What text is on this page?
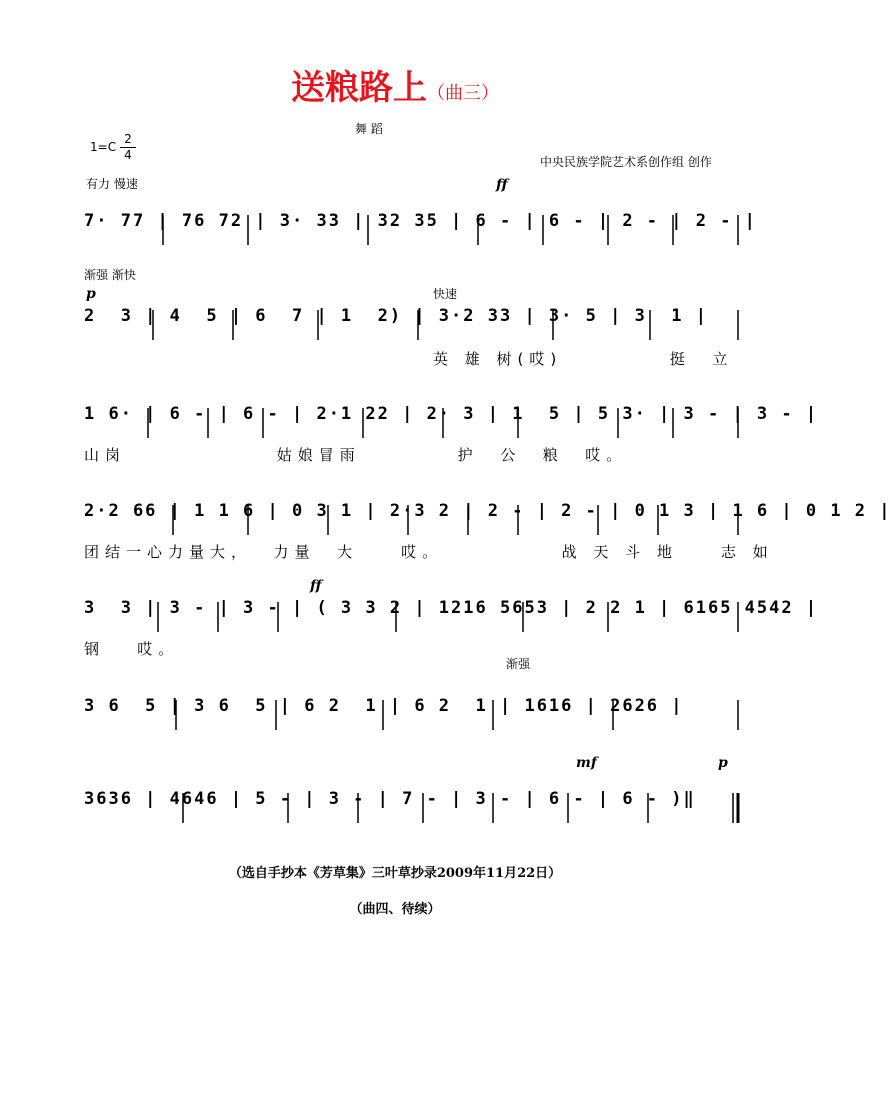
送粮路上（曲三）
舞 蹈
1=C
2
4	中央民族学院艺术系创作组 创作
有力 慢速
7· 77 | 76 72 | 3· 33 | 32 35 | 6 - | 6 - | 2 - | 2 - |
ff
渐强 渐快
p	快速
2  3 | 4  5 | 6  7 | 1  2) | 3·2 33 | 3· 5 | 3  1 |
英 雄 树(哎)          挺  立
1 6· | 6 - | 6 - | 2·1 22 | 2· 3 | 1  5 | 5 3· | 3 - | 3 - |
山岗              姑娘冒雨         护  公  粮  哎。
2·2 66 | 1 1 6 | 0 3 1 | 2·3 2 | 2 - | 2 - | 0 1 3 | 1 6 | 0 1 2 |
团结一心力量大，  力量  大    哎。           战 天 斗 地    志 如
ff
3  3 | 3 - | 3 - | ( 3 3 2 | 1216 5653 | 2 2 1 | 6165 4542 |
钢   哎。
渐强
3 6  5 | 3 6  5 | 6 2  1 | 6 2  1 | 1616 | 2626 |
mf	p
3636 | 4646 | 5 - | 3 - | 7 - | 3 - | 6 - | 6 - )‖
（选自手抄本《芳草集》三叶草抄录2009年11月22日）
（曲四、待续）
